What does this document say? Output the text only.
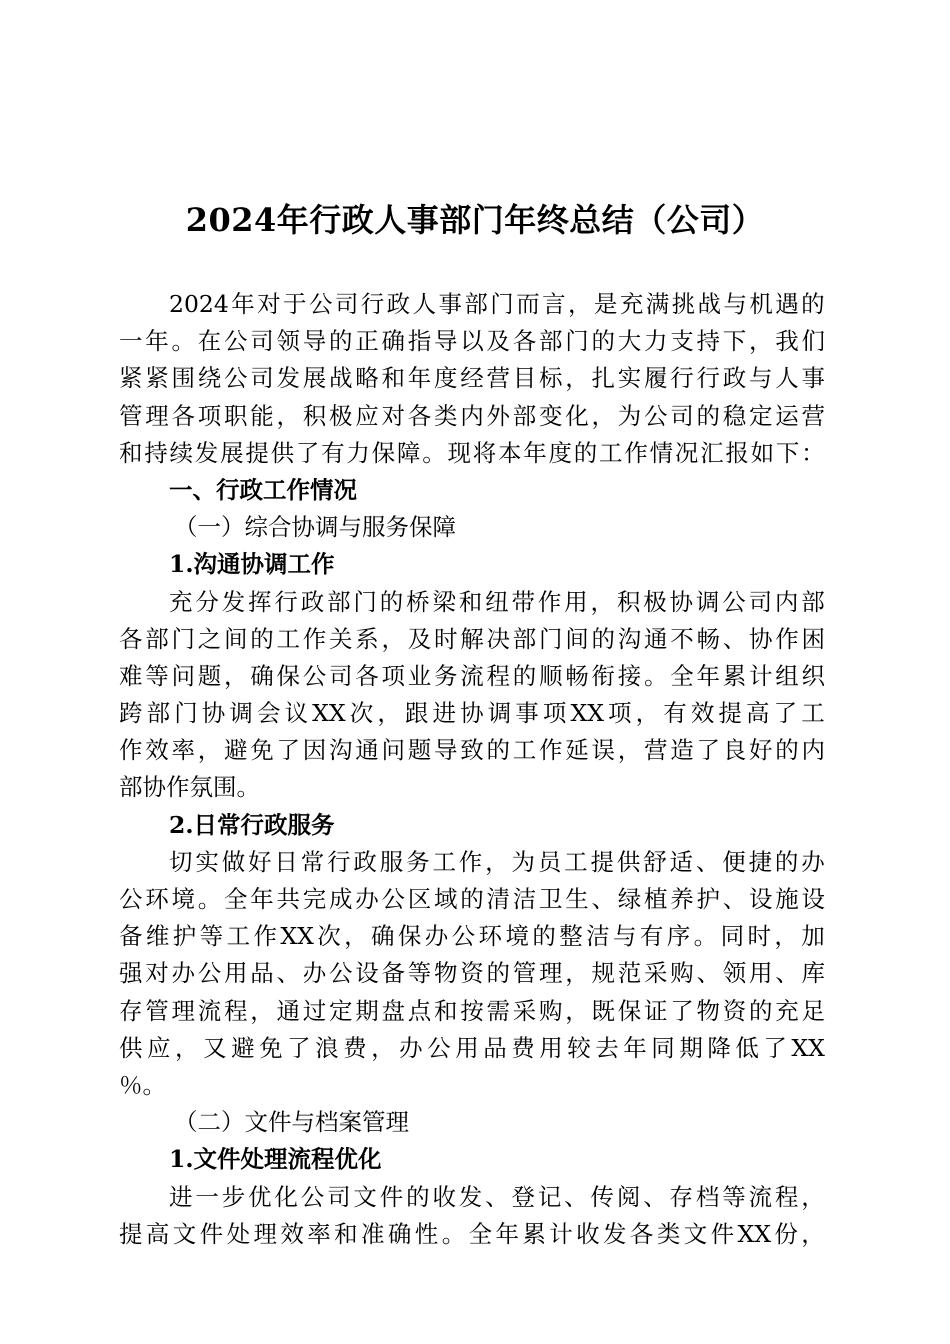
2024年行政人事部门年终总结（公司）
2024 年 对 于 公 司 行 政 人 事 部 门 而 言 ， 是 充 满 挑 战 与 机 遇 的
一 年 。 在 公 司 领 导 的 正 确 指 导 以 及 各 部 门 的 大 力 支 持 下 ， 我 们
紧 紧 围 绕 公 司 发 展 战 略 和 年 度 经 营 目 标 ， 扎 实 履 行 行 政 与 人 事
管 理 各 项 职 能 ， 积 极 应 对 各 类 内 外 部 变 化 ， 为 公 司 的 稳 定 运 营
和 持 续 发 展 提 供 了 有 力 保 障 。 现 将 本 年 度 的 工 作 情 况 汇 报 如 下 ：
一、行政工作情况
（一）综合协调与服务保障
1.沟通协调工作
充 分 发 挥 行 政 部 门 的 桥 梁 和 纽 带 作 用 ， 积 极 协 调 公 司 内 部
各 部 门 之 间 的 工 作 关 系 ， 及 时 解 决 部 门 间 的 沟 通 不 畅 、 协 作 困
难 等 问 题 ， 确 保 公 司 各 项 业 务 流 程 的 顺 畅 衔 接 。 全 年 累 计 组 织
跨 部 门 协 调 会 议 XX 次 ， 跟 进 协 调 事 项 XX 项 ， 有 效 提 高 了 工
作 效 率 ， 避 免 了 因 沟 通 问 题 导 致 的 工 作 延 误 ， 营 造 了 良 好 的 内
部协作氛围。
2.日常行政服务
切 实 做 好 日 常 行 政 服 务 工 作 ， 为 员 工 提 供 舒 适 、 便 捷 的 办
公 环 境 。 全 年 共 完 成 办 公 区 域 的 清 洁 卫 生 、 绿 植 养 护 、 设 施 设
备 维 护 等 工 作 XX 次 ， 确 保 办 公 环 境 的 整 洁 与 有 序 。 同 时 ， 加
强 对 办 公 用 品 、 办 公 设 备 等 物 资 的 管 理 ， 规 范 采 购 、 领 用 、 库
存 管 理 流 程 ， 通 过 定 期 盘 点 和 按 需 采 购 ， 既 保 证 了 物 资 的 充 足
供 应 ， 又 避 免 了 浪 费 ， 办 公 用 品 费 用 较 去 年 同 期 降 低 了 XX
％。
（二）文件与档案管理
1.文件处理流程优化
进 一 步 优 化 公 司 文 件 的 收 发 、 登 记 、 传 阅 、 存 档 等 流 程 ，
提 高 文 件 处 理 效 率 和 准 确 性 。 全 年 累 计 收 发 各 类 文 件 XX 份 ，
